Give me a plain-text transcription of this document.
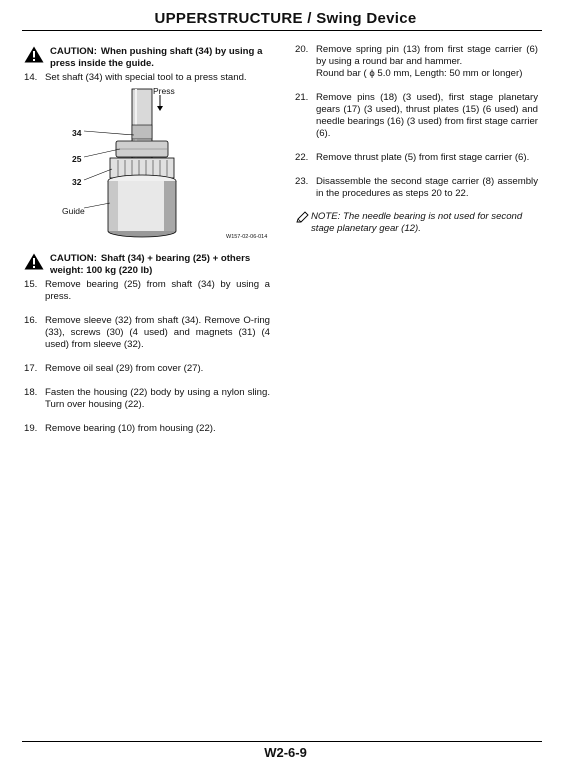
UPPERSTRUCTURE / Swing Device
CAUTION: When pushing shaft (34) by using a press inside the guide.
14. Set shaft (34) with special tool to a press stand.
Press
34
25
32
Guide
W157-02-06-014
CAUTION: Shaft (34) + bearing (25) + others weight: 100 kg (220 lb)
15. Remove bearing (25) from shaft (34) by using a press.
16. Remove sleeve (32) from shaft (34). Remove O-ring (33), screws (30) (4 used) and magnets (31) (4 used) from sleeve (32).
17. Remove oil seal (29) from cover (27).
18. Fasten the housing (22) body by using a nylon sling. Turn over housing (22).
19. Remove bearing (10) from housing (22).
20. Remove spring pin (13) from first stage carrier (6) by using a round bar and hammer.
Round bar ( ϕ 5.0 mm, Length: 50 mm or longer)
21. Remove pins (18) (3 used), first stage planetary gears (17) (3 used), thrust plates (15) (6 used) and needle bearings (16) (3 used) from first stage carrier (6).
22. Remove thrust plate (5) from first stage carrier (6).
23. Disassemble the second stage carrier (8) assembly in the procedures as steps 20 to 22.
NOTE: The needle bearing is not used for second stage planetary gear (12).
W2-6-9
